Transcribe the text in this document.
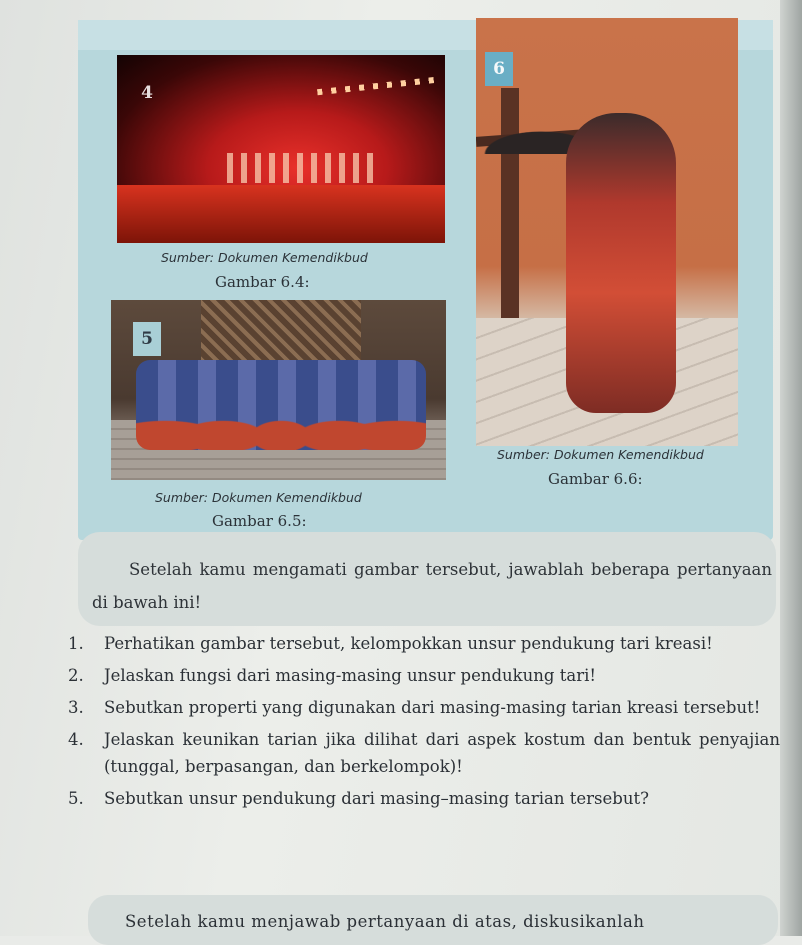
4
Sumber: Dokumen Kemendikbud
Gambar 6.4:
5
Sumber: Dokumen Kemendikbud
Gambar 6.5:
6
Sumber: Dokumen Kemendikbud
Gambar 6.6:
Setelah kamu mengamati gambar tersebut, jawablah beberapa pertanyaan di bawah ini!
1.	Perhatikan gambar tersebut, kelompokkan unsur pendukung tari kreasi!
2.	Jelaskan fungsi dari masing-masing unsur pendukung tari!
3.	Sebutkan properti yang digunakan dari masing-masing tarian kreasi tersebut!
4.	Jelaskan keunikan tarian jika dilihat dari aspek kostum dan bentuk penyajian (tunggal, berpasangan, dan berkelompok)!
5.	Sebutkan unsur pendukung dari masing–masing tarian tersebut?
Setelah kamu menjawab pertanyaan di atas, diskusikanlah
